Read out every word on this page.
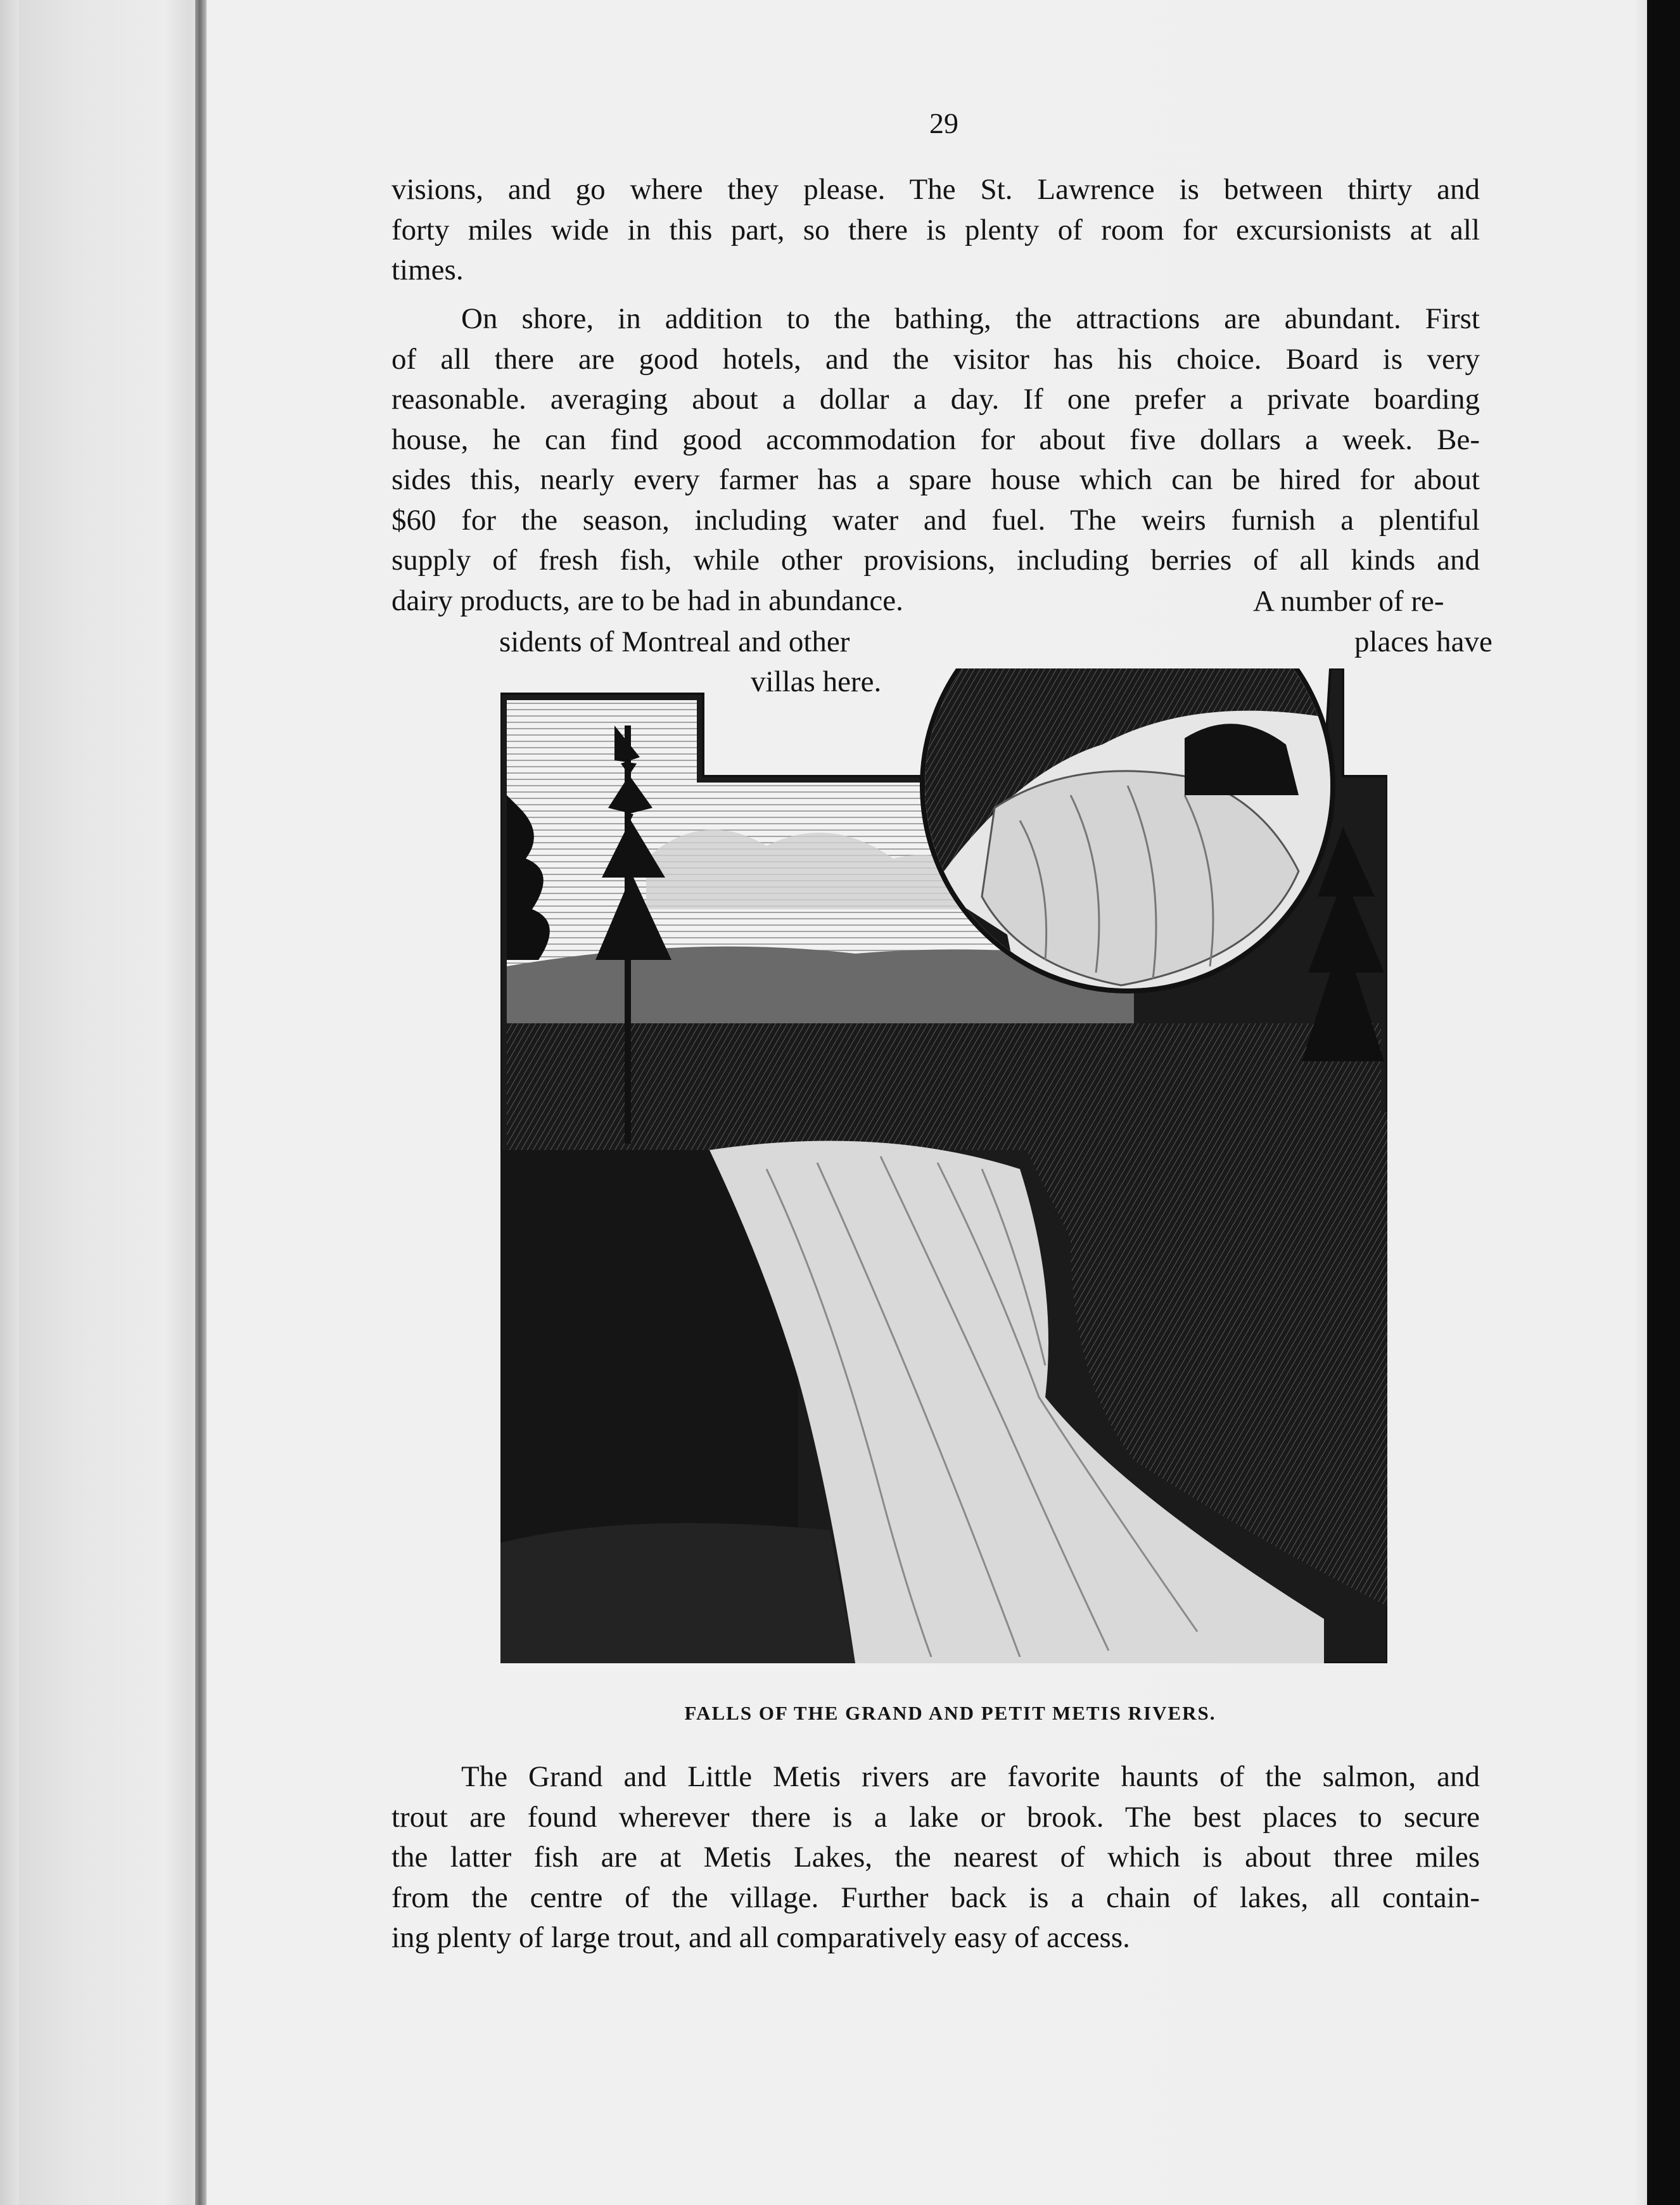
29
visions, and go where they please. The St. Lawrence is between thirty and
forty miles wide in this part, so there is plenty of room for excursionists at all
times.
On shore, in addition to the bathing, the attractions are abundant. First
of all there are good hotels, and the visitor has his choice. Board is very
reasonable. averaging about a dollar a day. If one prefer a private boarding
house, he can find good accommodation for about five dollars a week. Be-
sides this, nearly every farmer has a spare house which can be hired for about
$60 for the season, including water and fuel. The weirs furnish a plentiful
supply of fresh fish, while other provisions, including berries of all kinds and
dairy products, are to be had in abundance.	A number of re-
sidents of Montreal and other	places have
villas here.
FALLS OF THE GRAND AND PETIT METIS RIVERS.
The Grand and Little Metis rivers are favorite haunts of the salmon, and
trout are found wherever there is a lake or brook. The best places to secure
the latter fish are at Metis Lakes, the nearest of which is about three miles
from the centre of the village. Further back is a chain of lakes, all contain-
ing plenty of large trout, and all comparatively easy of access.
